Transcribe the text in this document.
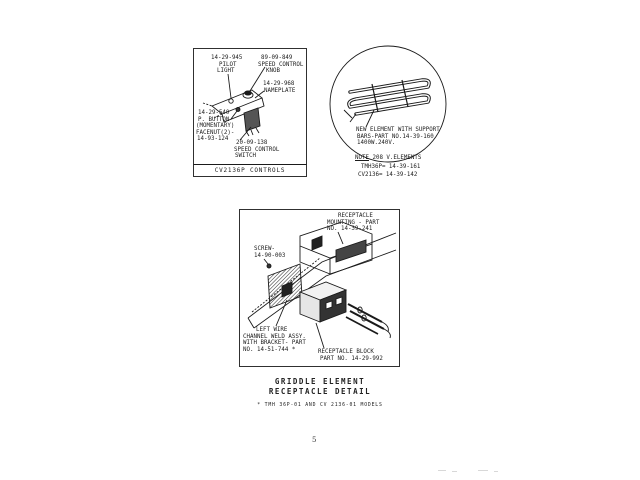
14-29-945
PILOT
LIGHT
89-09-849
SPEED CONTROL
KNOB
14-29-968
NAMEPLATE
14-29-540
P. BUTTON
(MOMENTARY)
FACENUT(2)-
14-93-124
20-09-138
SPEED CONTROL
SWITCH
CV2136P CONTROLS
NEW ELEMENT WITH SUPPORT
BARS-PART NO.14-39-160
1400W.240V.
NOTE 208 V.ELEMENTS
TMH36P= 14-39-161
CV2136= 14-39-142
RECEPTACLE
MOUNTING - PART
NO. 14-39-241
SCREW-
14-90-003
LEFT WIRE
CHANNEL WELD ASSY.
WITH BRACKET- PART
NO. 14-51-744 *	RECEPTACLE BLOCK
PART NO. 14-29-992
GRIDDLE ELEMENT
RECEPTACLE DETAIL
* TMH 36P-01 AND CV 2136-01 MODELS
5
